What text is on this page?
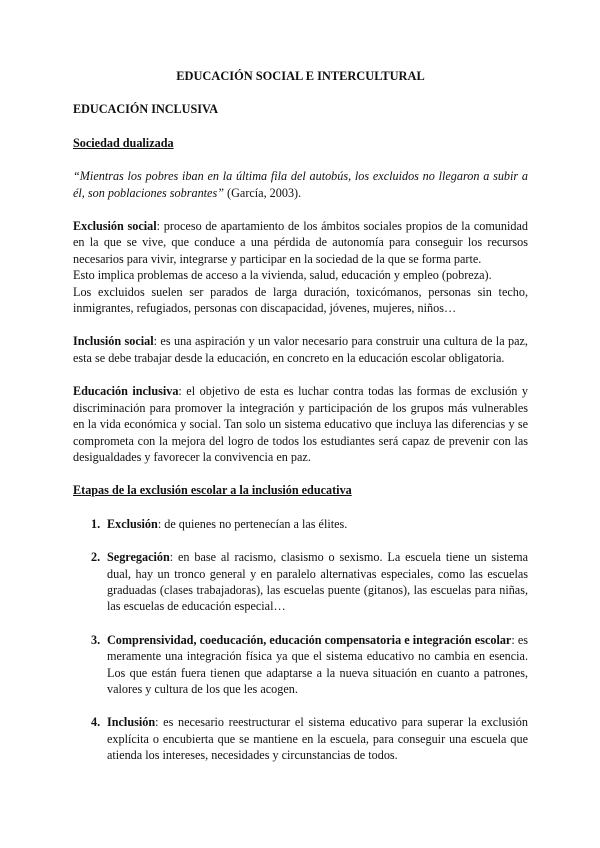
EDUCACIÓN SOCIAL E INTERCULTURAL
EDUCACIÓN INCLUSIVA
Sociedad dualizada

“Mientras los pobres iban en la última fila del autobús, los excluidos no llegaron a subir a él, son poblaciones sobrantes” (García, 2003).

Exclusión social: proceso de apartamiento de los ámbitos sociales propios de la comunidad en la que se vive, que conduce a una pérdida de autonomía para conseguir los recursos necesarios para vivir, integrarse y participar en la sociedad de la que se forma parte.

Esto implica problemas de acceso a la vivienda, salud, educación y empleo (pobreza).

Los excluidos suelen ser parados de larga duración, toxicómanos, personas sin techo, inmigrantes, refugiados, personas con discapacidad, jóvenes, mujeres, niños…

Inclusión social: es una aspiración y un valor necesario para construir una cultura de la paz, esta se debe trabajar desde la educación, en concreto en la educación escolar obligatoria.

Educación inclusiva: el objetivo de esta es luchar contra todas las formas de exclusión y discriminación para promover la integración y participación de los grupos más vulnerables en la vida económica y social. Tan solo un sistema educativo que incluya las diferencias y se comprometa con la mejora del logro de todos los estudiantes será capaz de prevenir con las desigualdades y favorecer la convivencia en paz.

Etapas de la exclusión escolar a la inclusión educativa
1. Exclusión: de quienes no pertenecían a las élites.
2. Segregación: en base al racismo, clasismo o sexismo. La escuela tiene un sistema dual, hay un tronco general y en paralelo alternativas especiales, como las escuelas graduadas (clases trabajadoras), las escuelas puente (gitanos), las escuelas para niñas, las escuelas de educación especial…
3. Comprensividad, coeducación, educación compensatoria e integración escolar: es meramente una integración física ya que el sistema educativo no cambia en esencia. Los que están fuera tienen que adaptarse a la nueva situación en cuanto a patrones, valores y cultura de los que les acogen.
4. Inclusión: es necesario reestructurar el sistema educativo para superar la exclusión explícita o encubierta que se mantiene en la escuela, para conseguir una escuela que atienda los intereses, necesidades y circunstancias de todos.
